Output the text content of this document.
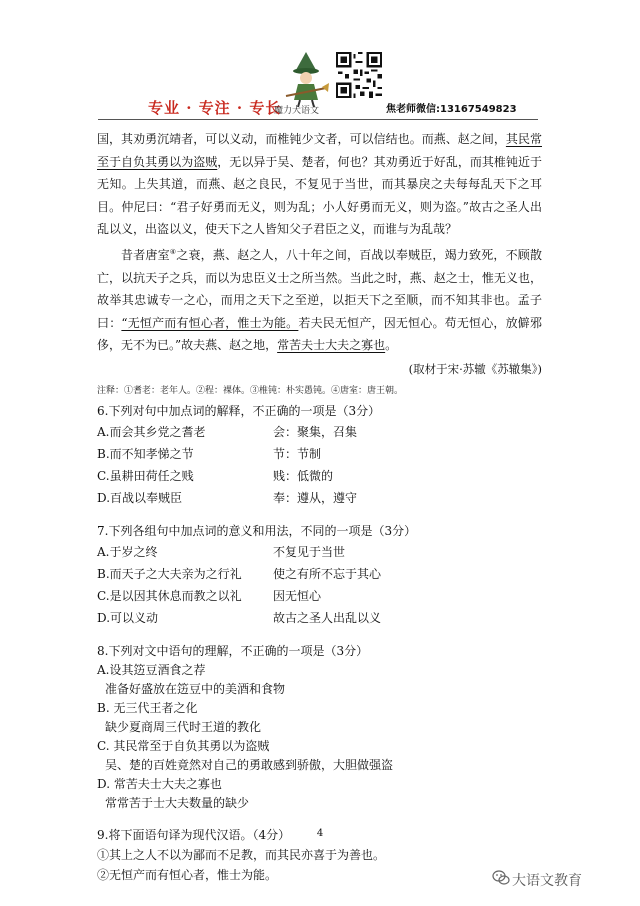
专业 · 专注 · 专长
魔力大语文	焦老师微信:13167549823

国，其劝勇沉靖者，可以义动，而椎钝少文者，可以信结也。而燕、赵之间，其民常至于自负其勇以为盗贼，无以异于吴、楚者，何也？其劝勇近于好乱，而其椎钝近于无知。上失其道，而燕、赵之良民，不复见于当世，而其暴戾之夫每每乱天下之耳目。仲尼曰：“君子好勇而无义，则为乱；小人好勇而无义，则为盗。”故古之圣人出乱以义，出盗以义，使天下之人皆知父子君臣之义，而谁与为乱哉？

昔者唐室④之衰，燕、赵之人，八十年之间，百战以奉贼臣，竭力致死，不顾散亡，以抗天子之兵，而以为忠臣义士之所当然。当此之时，燕、赵之士，惟无义也，故举其忠诚专一之心，而用之天下之至逆，以拒天下之至顺，而不知其非也。孟子曰：“无恒产而有恒心者，惟士为能。若夫民无恒产，因无恒心。苟无恒心，放僻邪侈，无不为已。”故夫燕、赵之地，常苦夫士大夫之寡也。

(取材于宋·苏辙《苏辙集》)
注释：①耆老：老年人。②程：裸体。③椎钝：朴实愚钝。④唐室：唐王朝。
6.下列对句中加点词的解释，不正确的一项是（3分）
A.而会其乡党之耆老	会：聚集，召集
B.而不知孝悌之节	节：节制
C.虽耕田荷任之贱	贱：低微的
D.百战以奉贼臣	奉：遵从，遵守
7.下列各组句中加点词的意义和用法，不同的一项是（3分）
A.于岁之终	不复见于当世
B.而天子之大夫亲为之行礼	使之有所不忘于其心
C.是以因其休息而教之以礼	因无恒心
D.可以义动	故古之圣人出乱以义
8.下列对文中语句的理解，不正确的一项是（3分）
A.设其笾豆酒食之荐
准备好盛放在笾豆中的美酒和食物
B. 无三代王者之化
缺少夏商周三代时王道的教化
C. 其民常至于自负其勇以为盗贼
吴、楚的百姓竟然对自己的勇敢感到骄傲，大胆做强盗
D. 常苦夫士大夫之寡也
常常苦于士大夫数量的缺少
9.将下面语句译为现代汉语。（4分）
①其上之人不以为鄙而不足教，而其民亦喜于为善也。
②无恒产而有恒心者，惟士为能。
4
大语文教育
